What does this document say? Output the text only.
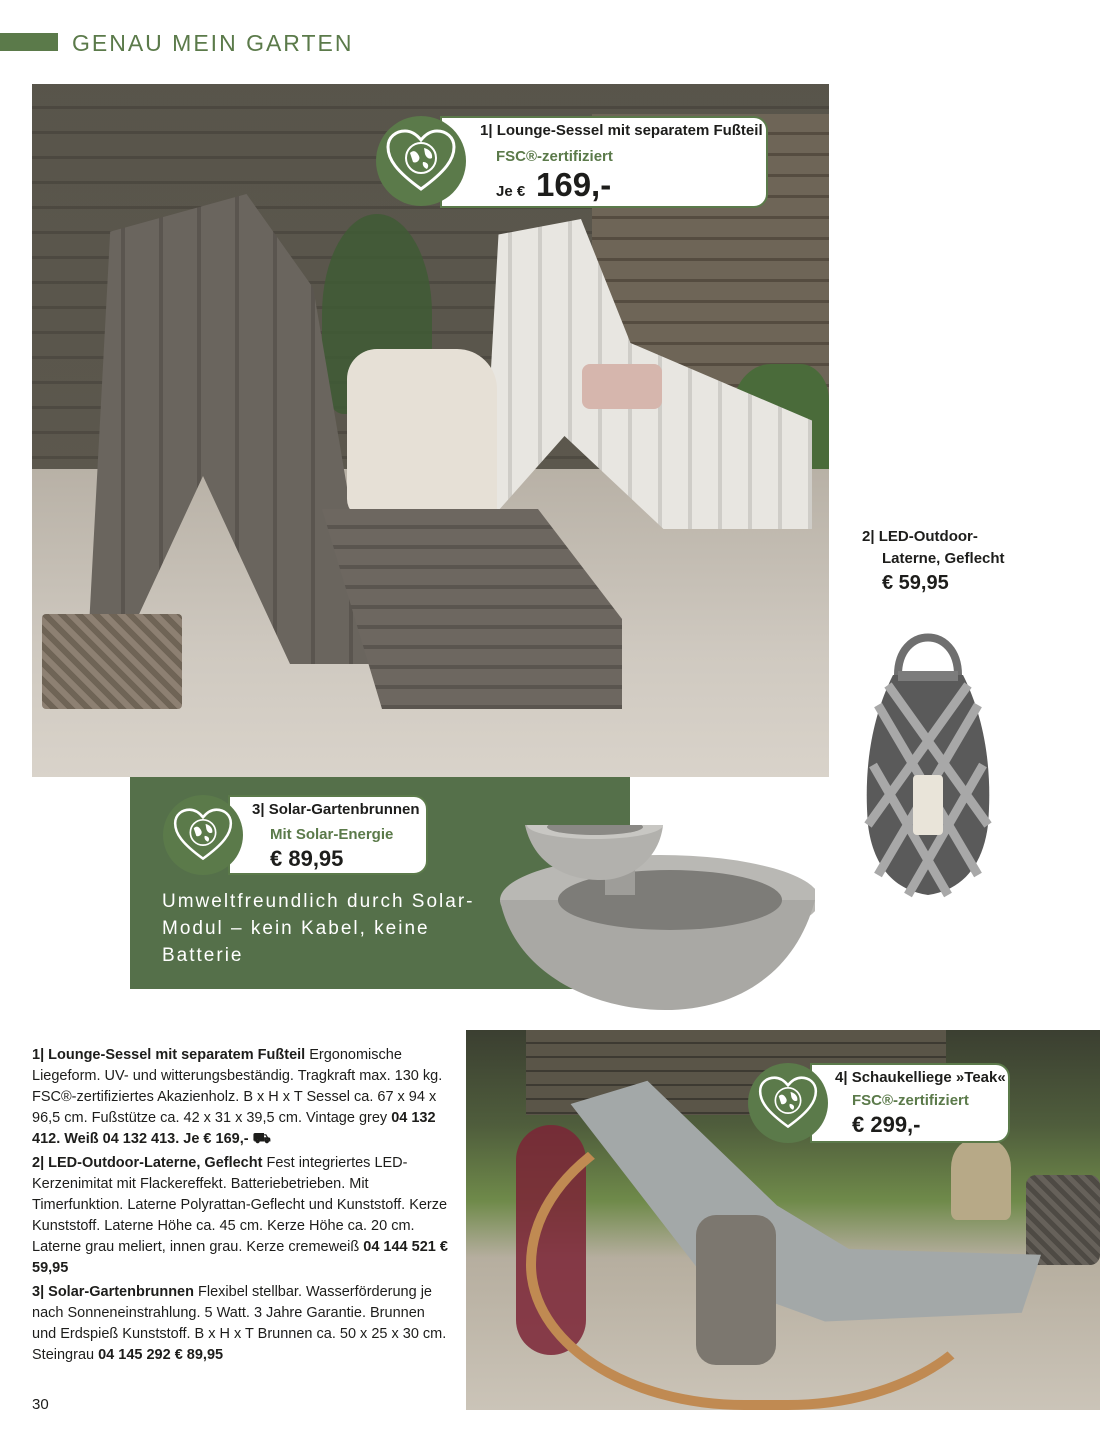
GENAU MEIN GARTEN
1| Lounge-Sessel mit separatem Fußteil
FSC®-zertifiziert
Je € 169,-
2| LED-Outdoor-
Laterne, Geflecht
€ 59,95
3| Solar-Gartenbrunnen
Mit Solar-Energie
€ 89,95
Umweltfreundlich durch Solar-Modul – kein Kabel, keine Batterie
4| Schaukelliege »Teak«
FSC®-zertifiziert
€ 299,-

1| Lounge-Sessel mit separatem Fußteil Ergonomische Liegeform. UV- und witterungsbeständig. Tragkraft max. 130 kg. FSC®-zertifiziertes Akazienholz. B x H x T Sessel ca. 67 x 94 x 96,5 cm. Fußstütze ca. 42 x 31 x 39,5 cm. Vintage grey 04 132 412. Weiß 04 132 413. Je € 169,- ⛟

2| LED-Outdoor-Laterne, Geflecht Fest integriertes LED-Kerzenimitat mit Flackereffekt. Batteriebetrieben. Mit Timerfunktion. Laterne Polyrattan-Geflecht und Kunststoff. Kerze Kunststoff. Laterne Höhe ca. 45 cm. Kerze Höhe ca. 20 cm. Laterne grau meliert, innen grau. Kerze cremeweiß 04 144 521 € 59,95

3| Solar-Gartenbrunnen Flexibel stellbar. Wasserförderung je nach Sonneneinstrahlung. 5 Watt. 3 Jahre Garantie. Brunnen und Erdspieß Kunststoff. B x H x T Brunnen ca. 50 x 25 x 30 cm. Steingrau 04 145 292 € 89,95

30
